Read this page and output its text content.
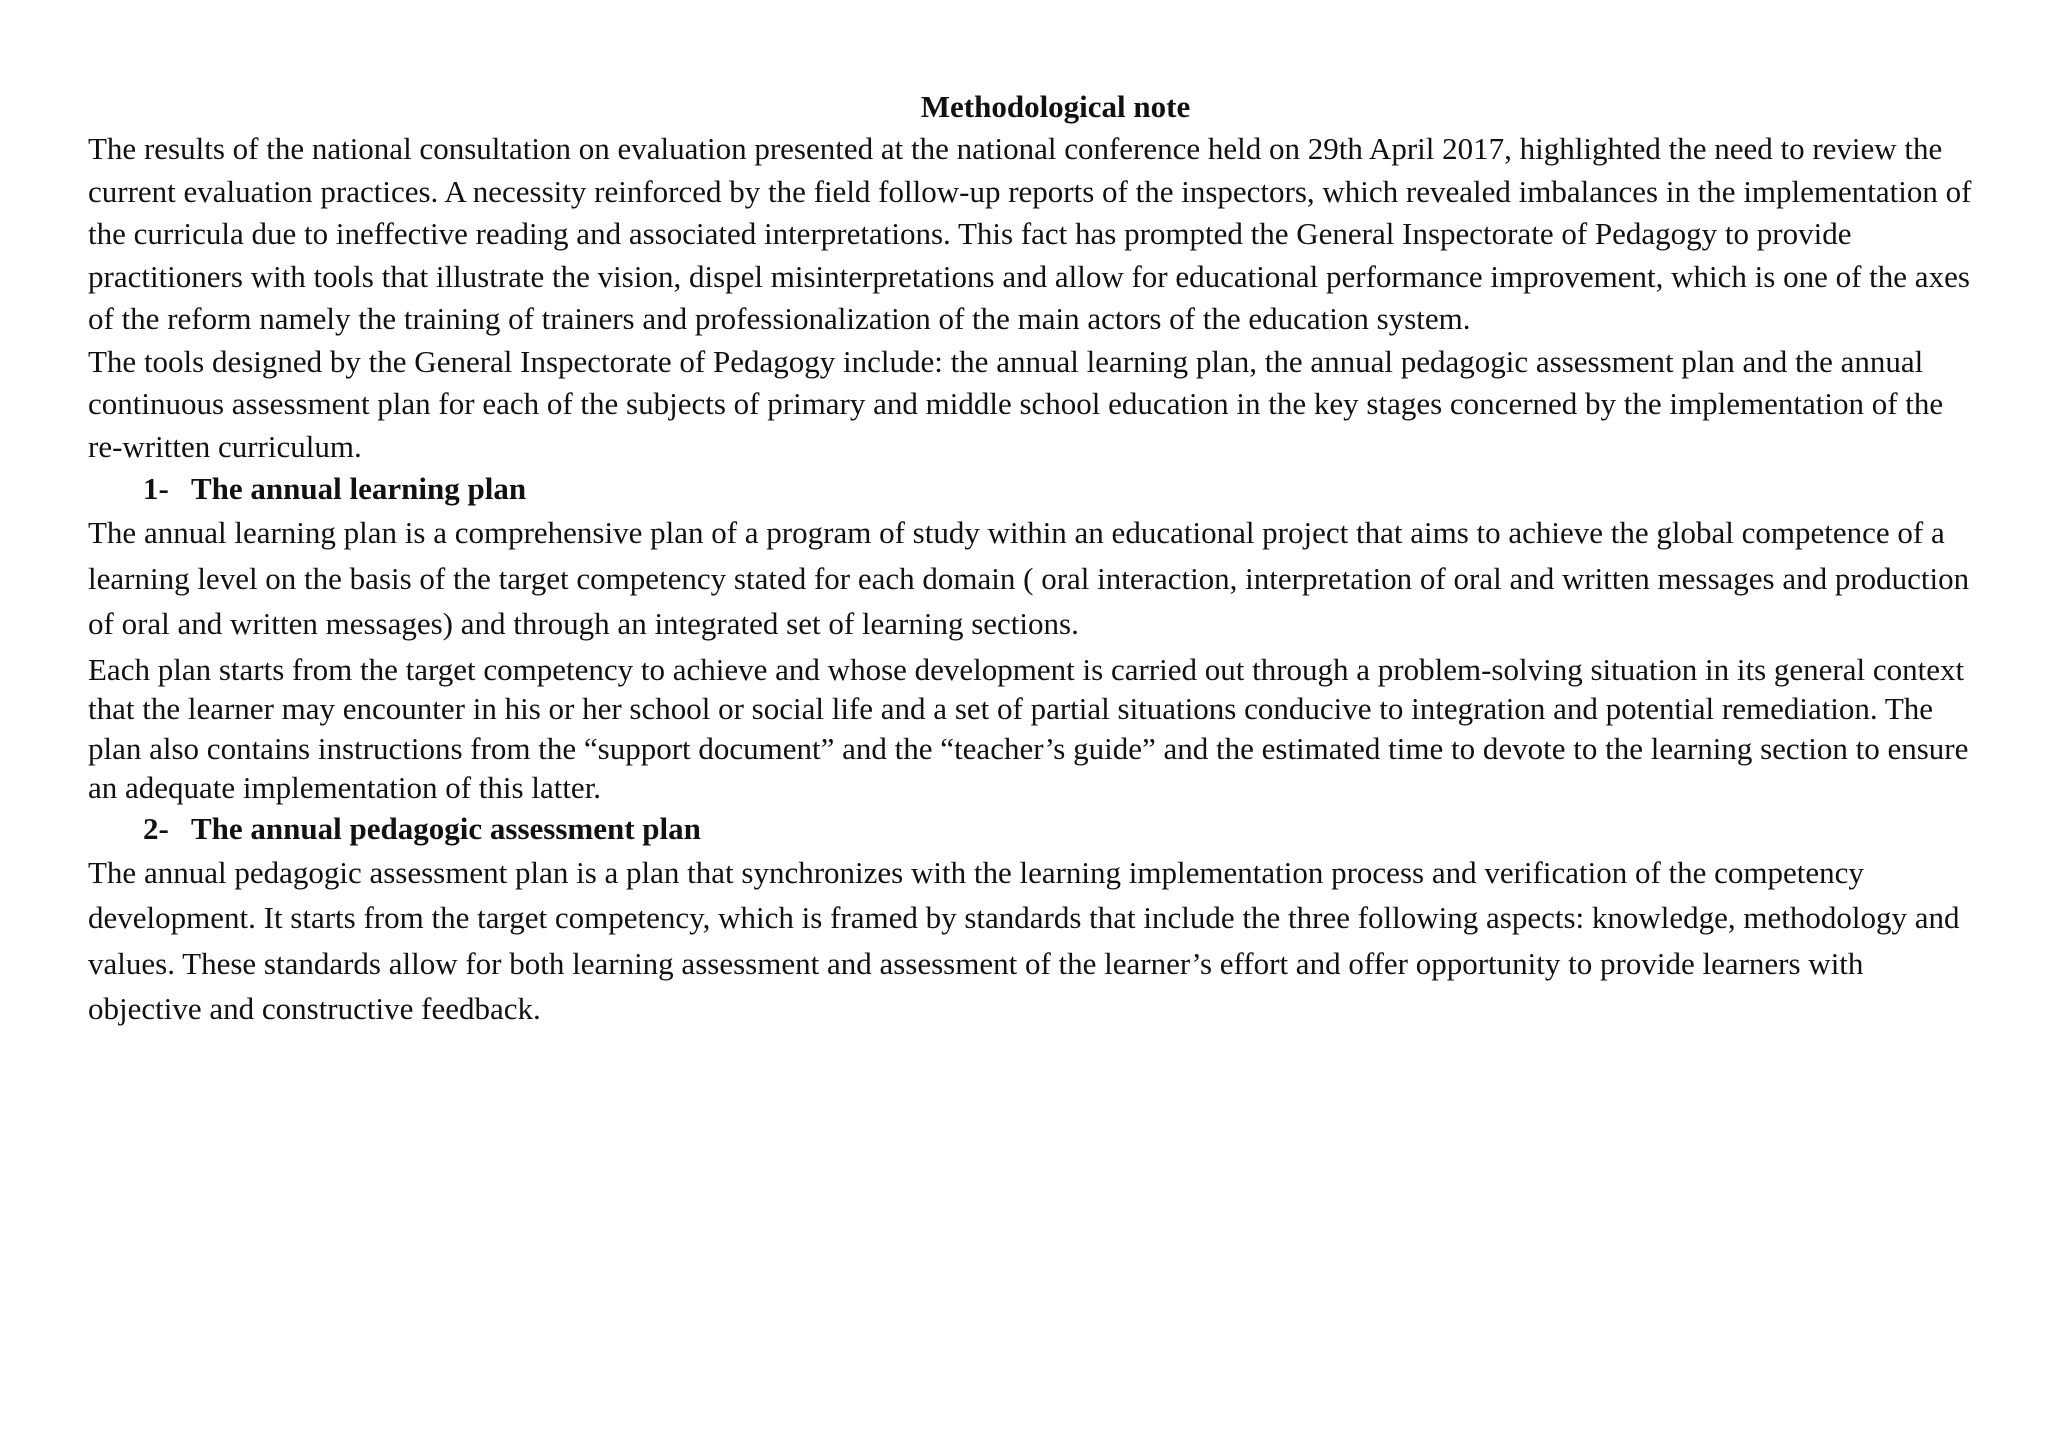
Methodological note

The results of the national consultation on evaluation presented at the national conference held on 29th April 2017, highlighted the need to review the current evaluation practices. A necessity reinforced by the field follow-up reports of the inspectors, which revealed imbalances in the implementation of the curricula due to ineffective reading and associated interpretations. This fact has prompted the General Inspectorate of Pedagogy to provide practitioners with tools that illustrate the vision, dispel misinterpretations and allow for educational performance improvement, which is one of the axes of the reform namely the training of trainers and professionalization of the main actors of the education system.

The tools designed by the General Inspectorate of Pedagogy include: the annual learning plan, the annual pedagogic assessment plan and the annual continuous assessment plan for each of the subjects of primary and middle school education in the key stages concerned by the implementation of the re-written curriculum.

1- The annual learning plan

The annual learning plan is a comprehensive plan of a program of study within an educational project that aims to achieve the global competence of a learning level on the basis of the target competency stated for each domain ( oral interaction, interpretation of oral and written messages and production of oral and written messages) and through an integrated set of learning sections.

Each plan starts from the target competency to achieve and whose development is carried out through a problem-solving situation in its general context that the learner may encounter in his or her school or social life and a set of partial situations conducive to integration and potential remediation. The plan also contains instructions from the “support document” and the “teacher’s guide” and the estimated time to devote to the learning section to ensure an adequate implementation of this latter.

2- The annual pedagogic assessment plan

The annual pedagogic assessment plan is a plan that synchronizes with the learning implementation process and verification of the competency development. It starts from the target competency, which is framed by standards that include the three following aspects: knowledge, methodology and values. These standards allow for both learning assessment and assessment of the learner’s effort and offer opportunity to provide learners with objective and constructive feedback.
